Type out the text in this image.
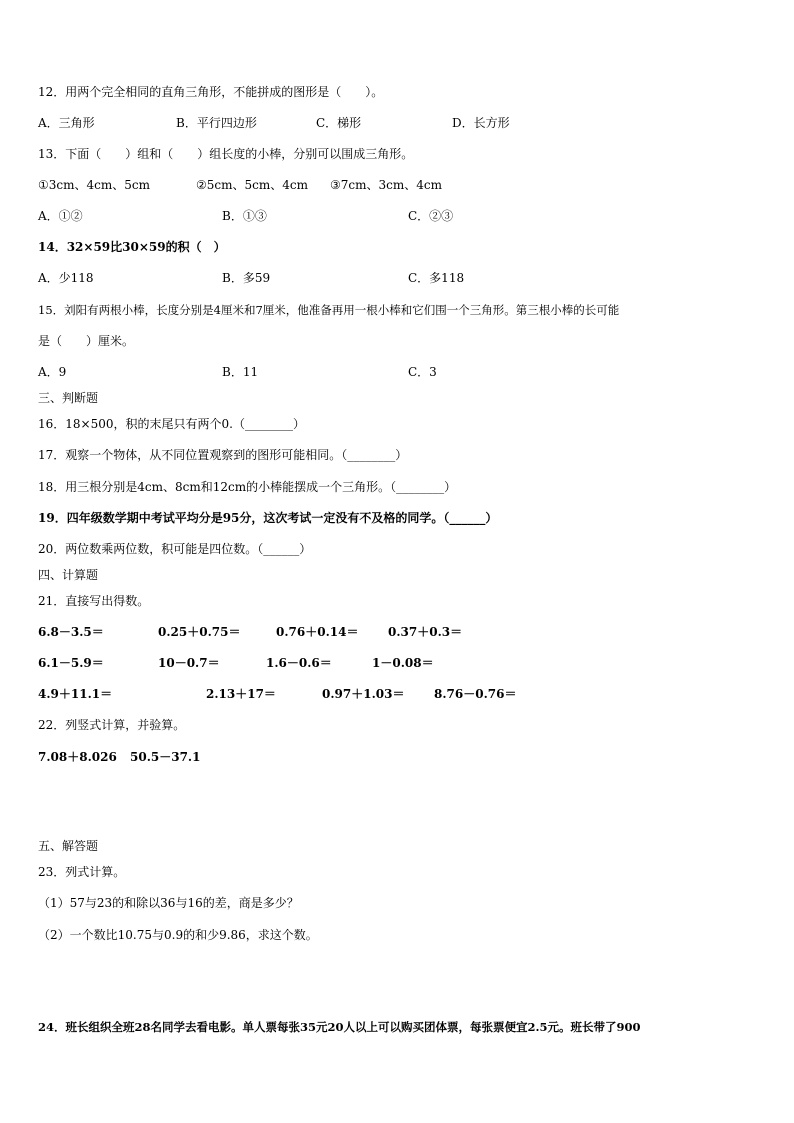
12．用两个完全相同的直角三角形，不能拼成的图形是（　　）。
A．三角形	B．平行四边形	C．梯形	D．长方形
13．下面（　　）组和（　　）组长度的小棒，分别可以围成三角形。
①3cm、4cm、5cm	②5cm、5cm、4cm ③7cm、3cm、4cm
A．①②	B．①③	C．②③
14．32×59比30×59的积（　）
A．少118	B．多59	C．多118
15．刘阳有两根小棒，长度分别是4厘米和7厘米，他准备再用一根小棒和它们围一个三角形。第三根小棒的长可能
是（　　）厘米。
A．9	B．11	C．3
三、判断题
16．18×500，积的末尾只有两个0.（________）
17．观察一个物体，从不同位置观察到的图形可能相同。（________）
18．用三根分别是4cm、8cm和12cm的小棒能摆成一个三角形。（________）
19．四年级数学期中考试平均分是95分，这次考试一定没有不及格的同学。（______）
20．两位数乘两位数，积可能是四位数。（______）
四、计算题
21．直接写出得数。
6.8－3.5＝	0.25＋0.75＝	0.76＋0.14＝ 0.37＋0.3＝
6.1－5.9＝	10－0.7＝	1.6－0.6＝	1－0.08＝
4.9＋11.1＝	2.13＋17＝	0.97＋1.03＝ 8.76－0.76＝
22．列竖式计算，并验算。
7.08＋8.026 50.5－37.1
五、解答题
23．列式计算。
（1）57与23的和除以36与16的差，商是多少？
（2）一个数比10.75与0.9的和少9.86，求这个数。
24．班长组织全班28名同学去看电影。单人票每张35元20人以上可以购买团体票，每张票便宜2.5元。班长带了900
